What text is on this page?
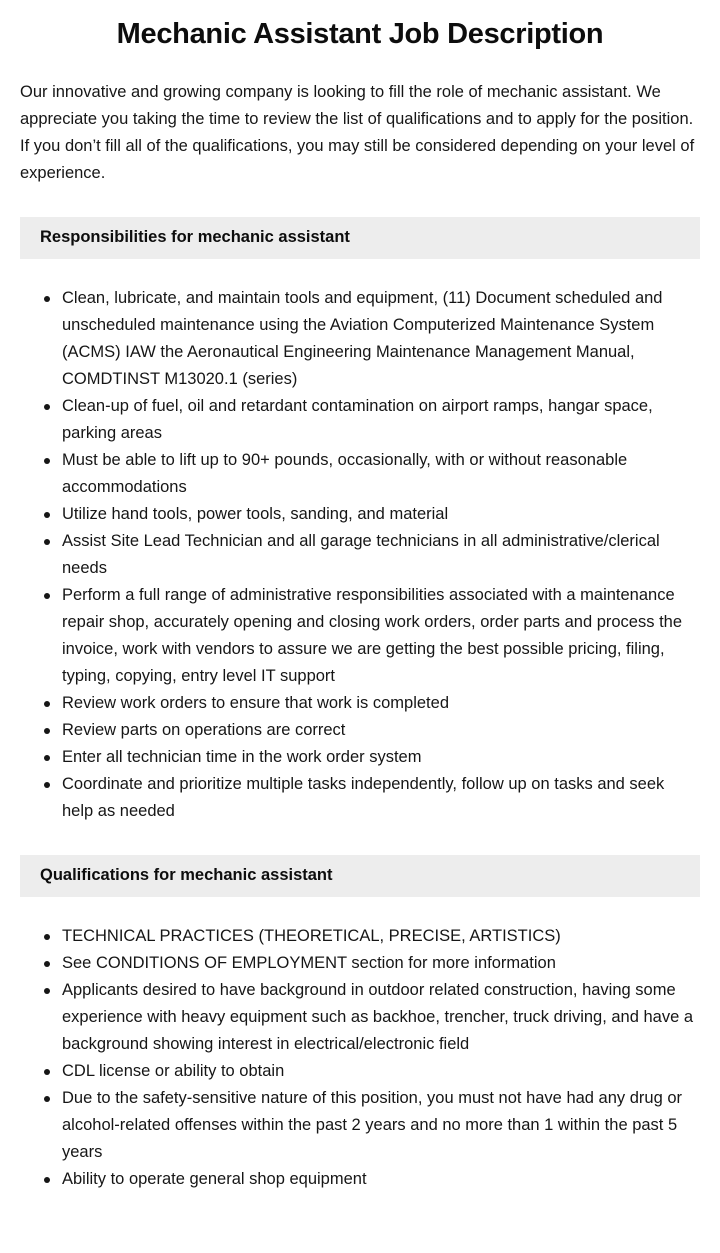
Mechanic Assistant Job Description

Our innovative and growing company is looking to fill the role of mechanic assistant. We appreciate you taking the time to review the list of qualifications and to apply for the position. If you don’t fill all of the qualifications, you may still be considered depending on your level of experience.

Responsibilities for mechanic assistant
Clean, lubricate, and maintain tools and equipment, (11) Document scheduled and unscheduled maintenance using the Aviation Computerized Maintenance System (ACMS) IAW the Aeronautical Engineering Maintenance Management Manual, COMDTINST M13020.1 (series)
Clean-up of fuel, oil and retardant contamination on airport ramps, hangar space, parking areas
Must be able to lift up to 90+ pounds, occasionally, with or without reasonable accommodations
Utilize hand tools, power tools, sanding, and material
Assist Site Lead Technician and all garage technicians in all administrative/clerical needs
Perform a full range of administrative responsibilities associated with a maintenance repair shop, accurately opening and closing work orders, order parts and process the invoice, work with vendors to assure we are getting the best possible pricing, filing, typing, copying, entry level IT support
Review work orders to ensure that work is completed
Review parts on operations are correct
Enter all technician time in the work order system
Coordinate and prioritize multiple tasks independently, follow up on tasks and seek help as needed
Qualifications for mechanic assistant
TECHNICAL PRACTICES (THEORETICAL, PRECISE, ARTISTICS)
See CONDITIONS OF EMPLOYMENT section for more information
Applicants desired to have background in outdoor related construction, having some experience with heavy equipment such as backhoe, trencher, truck driving, and have a background showing interest in electrical/electronic field
CDL license or ability to obtain
Due to the safety-sensitive nature of this position, you must not have had any drug or alcohol-related offenses within the past 2 years and no more than 1 within the past 5 years
Ability to operate general shop equipment
